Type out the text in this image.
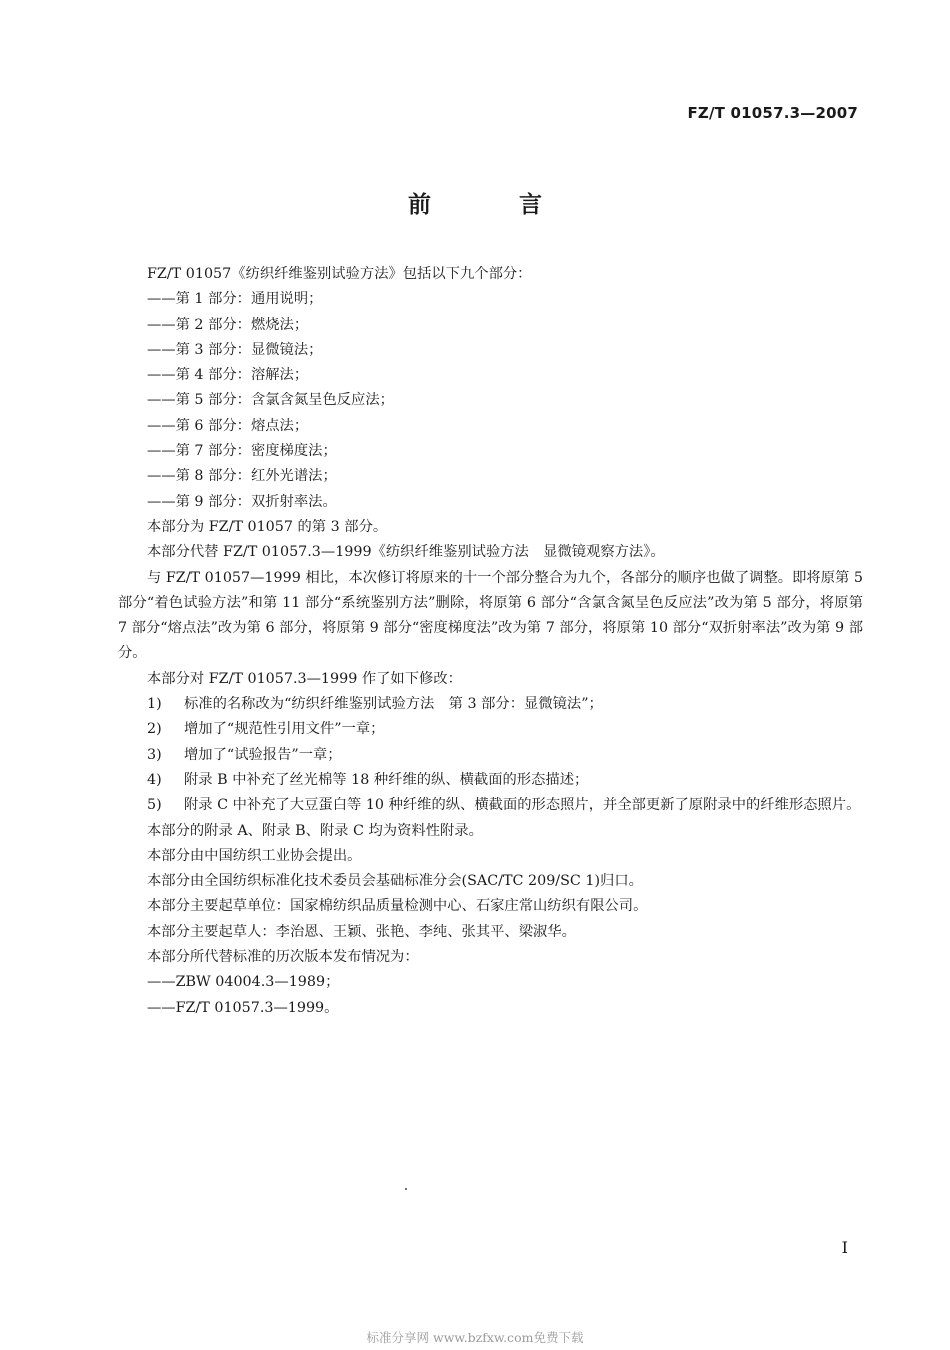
FZ/T 01057.3—2007
前 言
FZ/T 01057《纺织纤维鉴别试验方法》包括以下九个部分：
——第 1 部分：通用说明；
——第 2 部分：燃烧法；
——第 3 部分：显微镜法；
——第 4 部分：溶解法；
——第 5 部分：含氯含氮呈色反应法；
——第 6 部分：熔点法；
——第 7 部分：密度梯度法；
——第 8 部分：红外光谱法；
——第 9 部分：双折射率法。
本部分为 FZ/T 01057 的第 3 部分。
本部分代替 FZ/T 01057.3—1999《纺织纤维鉴别试验方法　显微镜观察方法》。
与 FZ/T 01057—1999 相比，本次修订将原来的十一个部分整合为九个，各部分的顺序也做了调整。即将原第 5 部分“着色试验方法”和第 11 部分“系统鉴别方法”删除，将原第 6 部分“含氯含氮呈色反应法”改为第 5 部分，将原第 7 部分“熔点法”改为第 6 部分，将原第 9 部分“密度梯度法”改为第 7 部分，将原第 10 部分“双折射率法”改为第 9 部分。
本部分对 FZ/T 01057.3—1999 作了如下修改：
1) 标准的名称改为“纺织纤维鉴别试验方法　第 3 部分：显微镜法”；
2) 增加了“规范性引用文件”一章；
3) 增加了“试验报告”一章；
4) 附录 B 中补充了丝光棉等 18 种纤维的纵、横截面的形态描述；
5) 附录 C 中补充了大豆蛋白等 10 种纤维的纵、横截面的形态照片，并全部更新了原附录中的纤维形态照片。
本部分的附录 A、附录 B、附录 C 均为资料性附录。
本部分由中国纺织工业协会提出。
本部分由全国纺织标准化技术委员会基础标准分会(SAC/TC 209/SC 1)归口。
本部分主要起草单位：国家棉纺织品质量检测中心、石家庄常山纺织有限公司。
本部分主要起草人：李治恩、王颖、张艳、李纯、张其平、梁淑华。
本部分所代替标准的历次版本发布情况为：
——ZBW 04004.3—1989；
——FZ/T 01057.3—1999。
I
标准分享网 www.bzfxw.com免费下载
